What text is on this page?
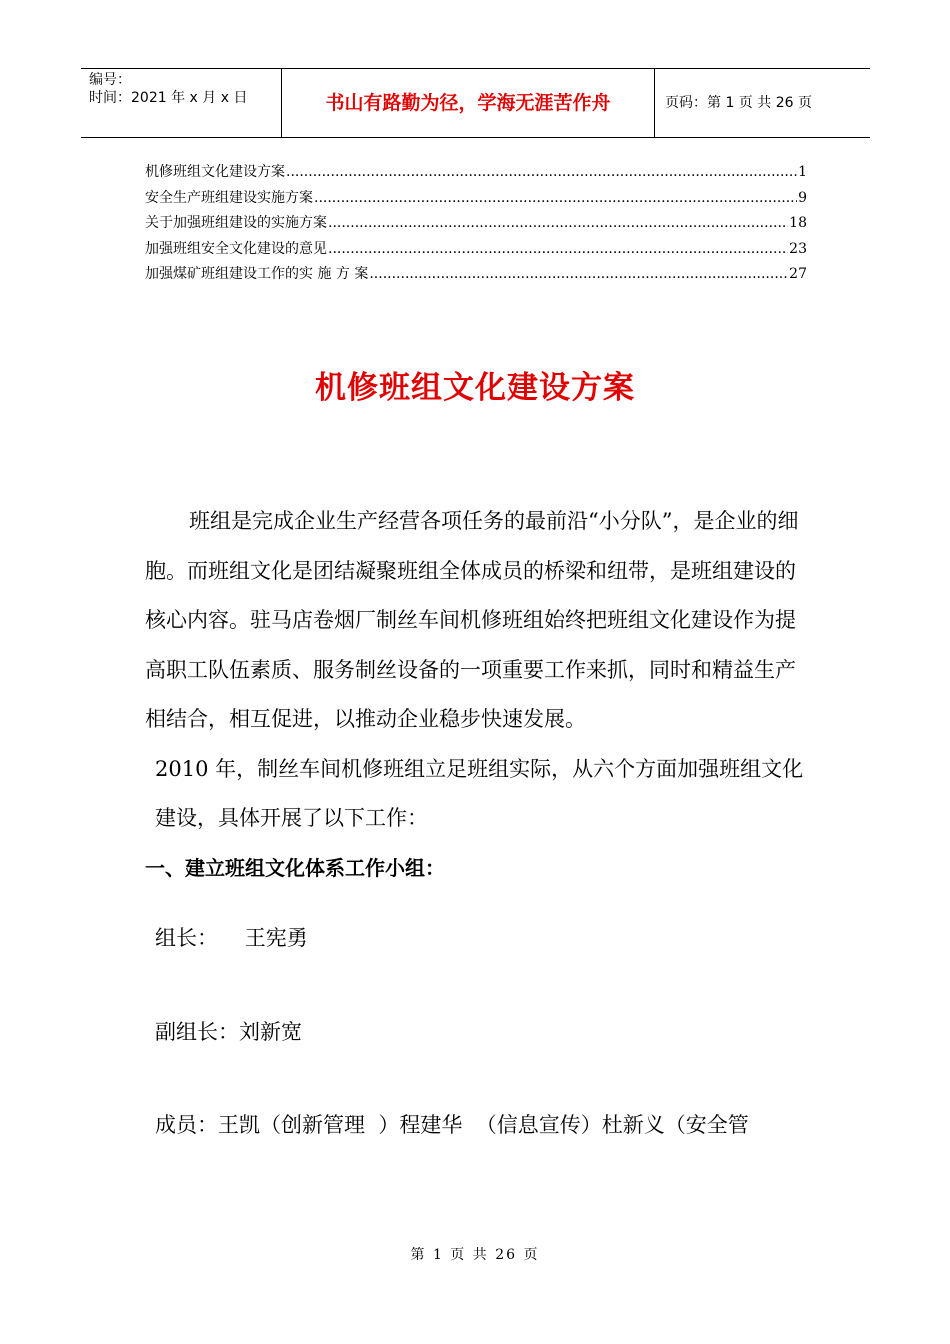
编号：
时间：2021 年 x 月 x 日	书山有路勤为径，学海无涯苦作舟	页码：第 1 页 共 26 页
机修班组文化建设方案 .....	1
安全生产班组建设实施方案 .....	9
关于加强班组建设的实施方案 .....	18
加强班组安全文化建设的意见 .....	23
加强煤矿班组建设工作的实 施 方 案 .....	27
机修班组文化建设方案

班组是完成企业生产经营各项任务的最前沿“小分队”，是企业的细胞。而班组文化是团结凝聚班组全体成员的桥梁和纽带，是班组建设的核心内容。驻马店卷烟厂制丝车间机修班组始终把班组文化建设作为提高职工队伍素质、服务制丝设备的一项重要工作来抓，同时和精益生产相结合，相互促进，以推动企业稳步快速发展。

2010 年，制丝车间机修班组立足班组实际，从六个方面加强班组文化建设，具体开展了以下工作：

一、建立班组文化体系工作小组：

组长：    王宪勇

副组长：刘新宽

成员：王凯（创新管理  ）程建华  （信息宣传）杜新义（安全管

第 1 页 共 26 页
